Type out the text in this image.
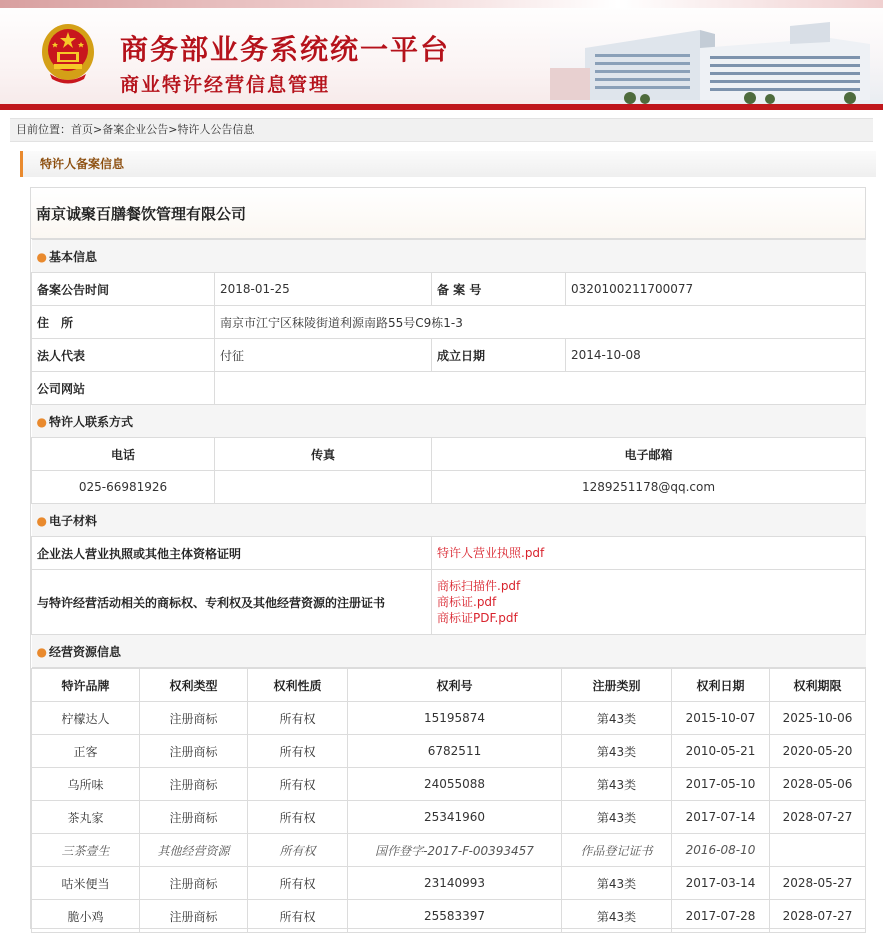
商务部业务系统统一平台
商业特许经营信息管理
目前位置：首页>备案企业公告>特许人公告信息
特许人备案信息
南京诚聚百膳餐饮管理有限公司
● 基本信息			
备案公告时间	2018-01-25	备 案 号	0320100211700077
住　所	南京市江宁区秣陵街道利源南路55号C9栋1-3		
法人代表	付征	成立日期	2014-10-08
公司网站			
● 特许人联系方式			
电话	传真	电子邮箱	
025-66981926		1289251178@qq.com	
● 电子材料			
企业法人营业执照或其他主体资格证明		特许人营业执照.pdf	

与特许经营活动相关的商标权、专利权及其他经营资源的注册证书		商标扫描件.pdf
商标证.pdf
商标证PDF.pdf	

● 经营资源信息			
特许品牌	权利类型	权利性质	权利号	注册类别	权利日期	权利期限
柠檬达人	注册商标	所有权	15195874	第43类	2015-10-07	2025-10-06
正客	注册商标	所有权	6782511	第43类	2010-05-21	2020-05-20
乌所味	注册商标	所有权	24055088	第43类	2017-05-10	2028-05-06
茶丸家	注册商标	所有权	25341960	第43类	2017-07-14	2028-07-27
三茶壹生	其他经营资源	所有权	国作登字-2017-F-00393457	作品登记证书	2016-08-10	
咕米便当	注册商标	所有权	23140993	第43类	2017-03-14	2028-05-27
脆小鸡	注册商标	所有权	25583397	第43类	2017-07-28	2028-07-27
